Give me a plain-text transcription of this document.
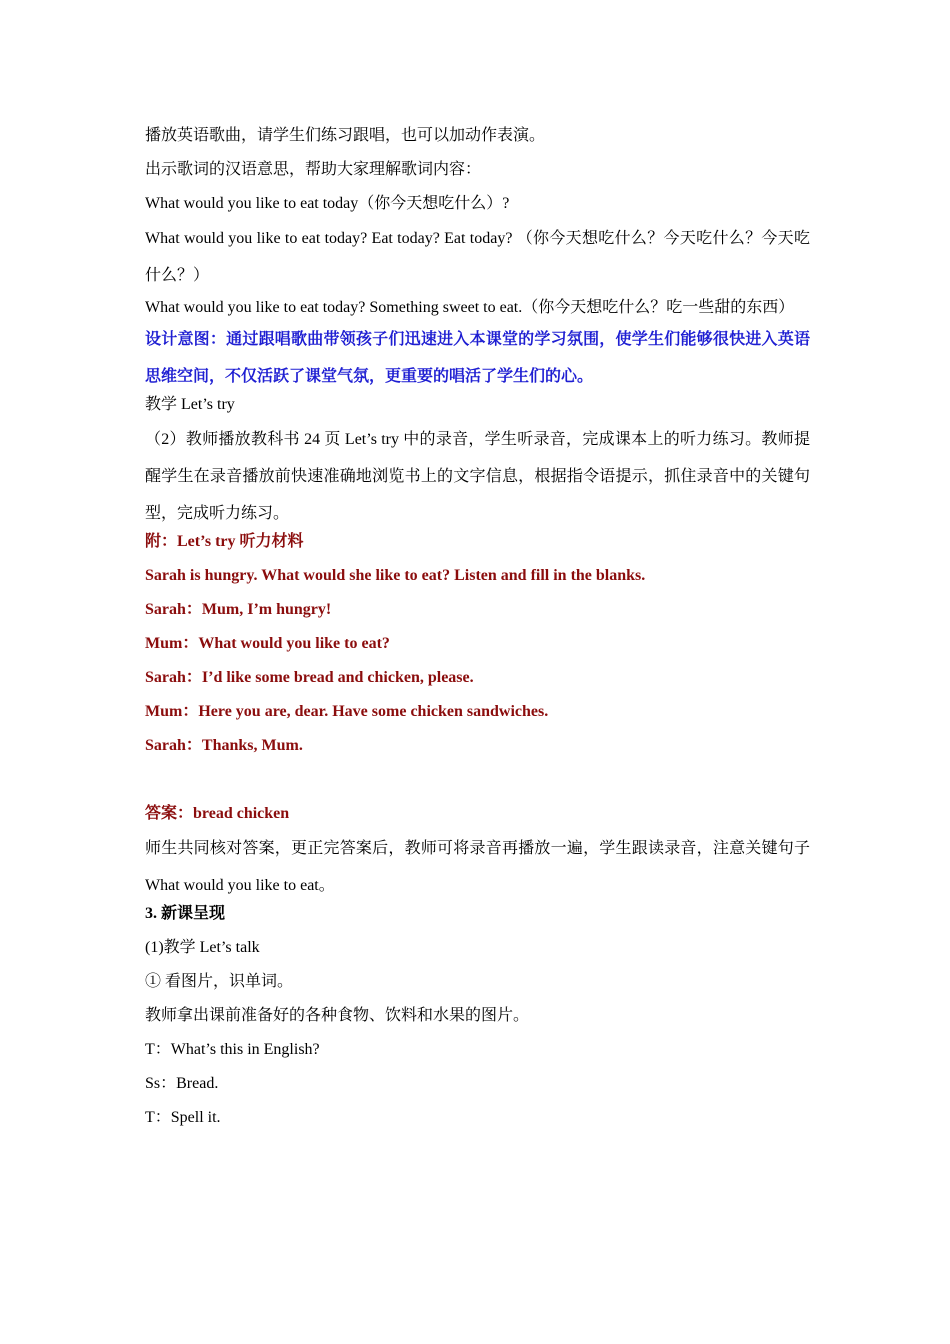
播放英语歌曲，请学生们练习跟唱，也可以加动作表演。
出示歌词的汉语意思，帮助大家理解歌词内容：
What would you like to eat today（你今天想吃什么）?
What would you like to eat today? Eat today? Eat today? （你今天想吃什么？今天吃什么？今天吃什么？）
What would you like to eat today? Something sweet to eat.（你今天想吃什么？吃一些甜的东西）
设计意图：通过跟唱歌曲带领孩子们迅速进入本课堂的学习氛围，使学生们能够很快进入英语思维空间，不仅活跃了课堂气氛，更重要的唱活了学生们的心。
教学 Let’s try
（2）教师播放教科书 24 页 Let’s try 中的录音，学生听录音，完成课本上的听力练习。教师提醒学生在录音播放前快速准确地浏览书上的文字信息，根据指令语提示，抓住录音中的关键句型，完成听力练习。
附：Let’s try 听力材料
Sarah is hungry. What would she like to eat? Listen and fill in the blanks.
Sarah：Mum, I’m hungry!
Mum：What would you like to eat?
Sarah：I’d like some bread and chicken, please.
Mum：Here you are, dear. Have some chicken sandwiches.
Sarah：Thanks, Mum.
答案：bread chicken
师生共同核对答案，更正完答案后，教师可将录音再播放一遍，学生跟读录音，注意关键句子What would you like to eat。
3. 新课呈现
(1)教学 Let’s talk
① 看图片，识单词。
教师拿出课前准备好的各种食物、饮料和水果的图片。
T：What’s this in English?
Ss：Bread.
T：Spell it.
